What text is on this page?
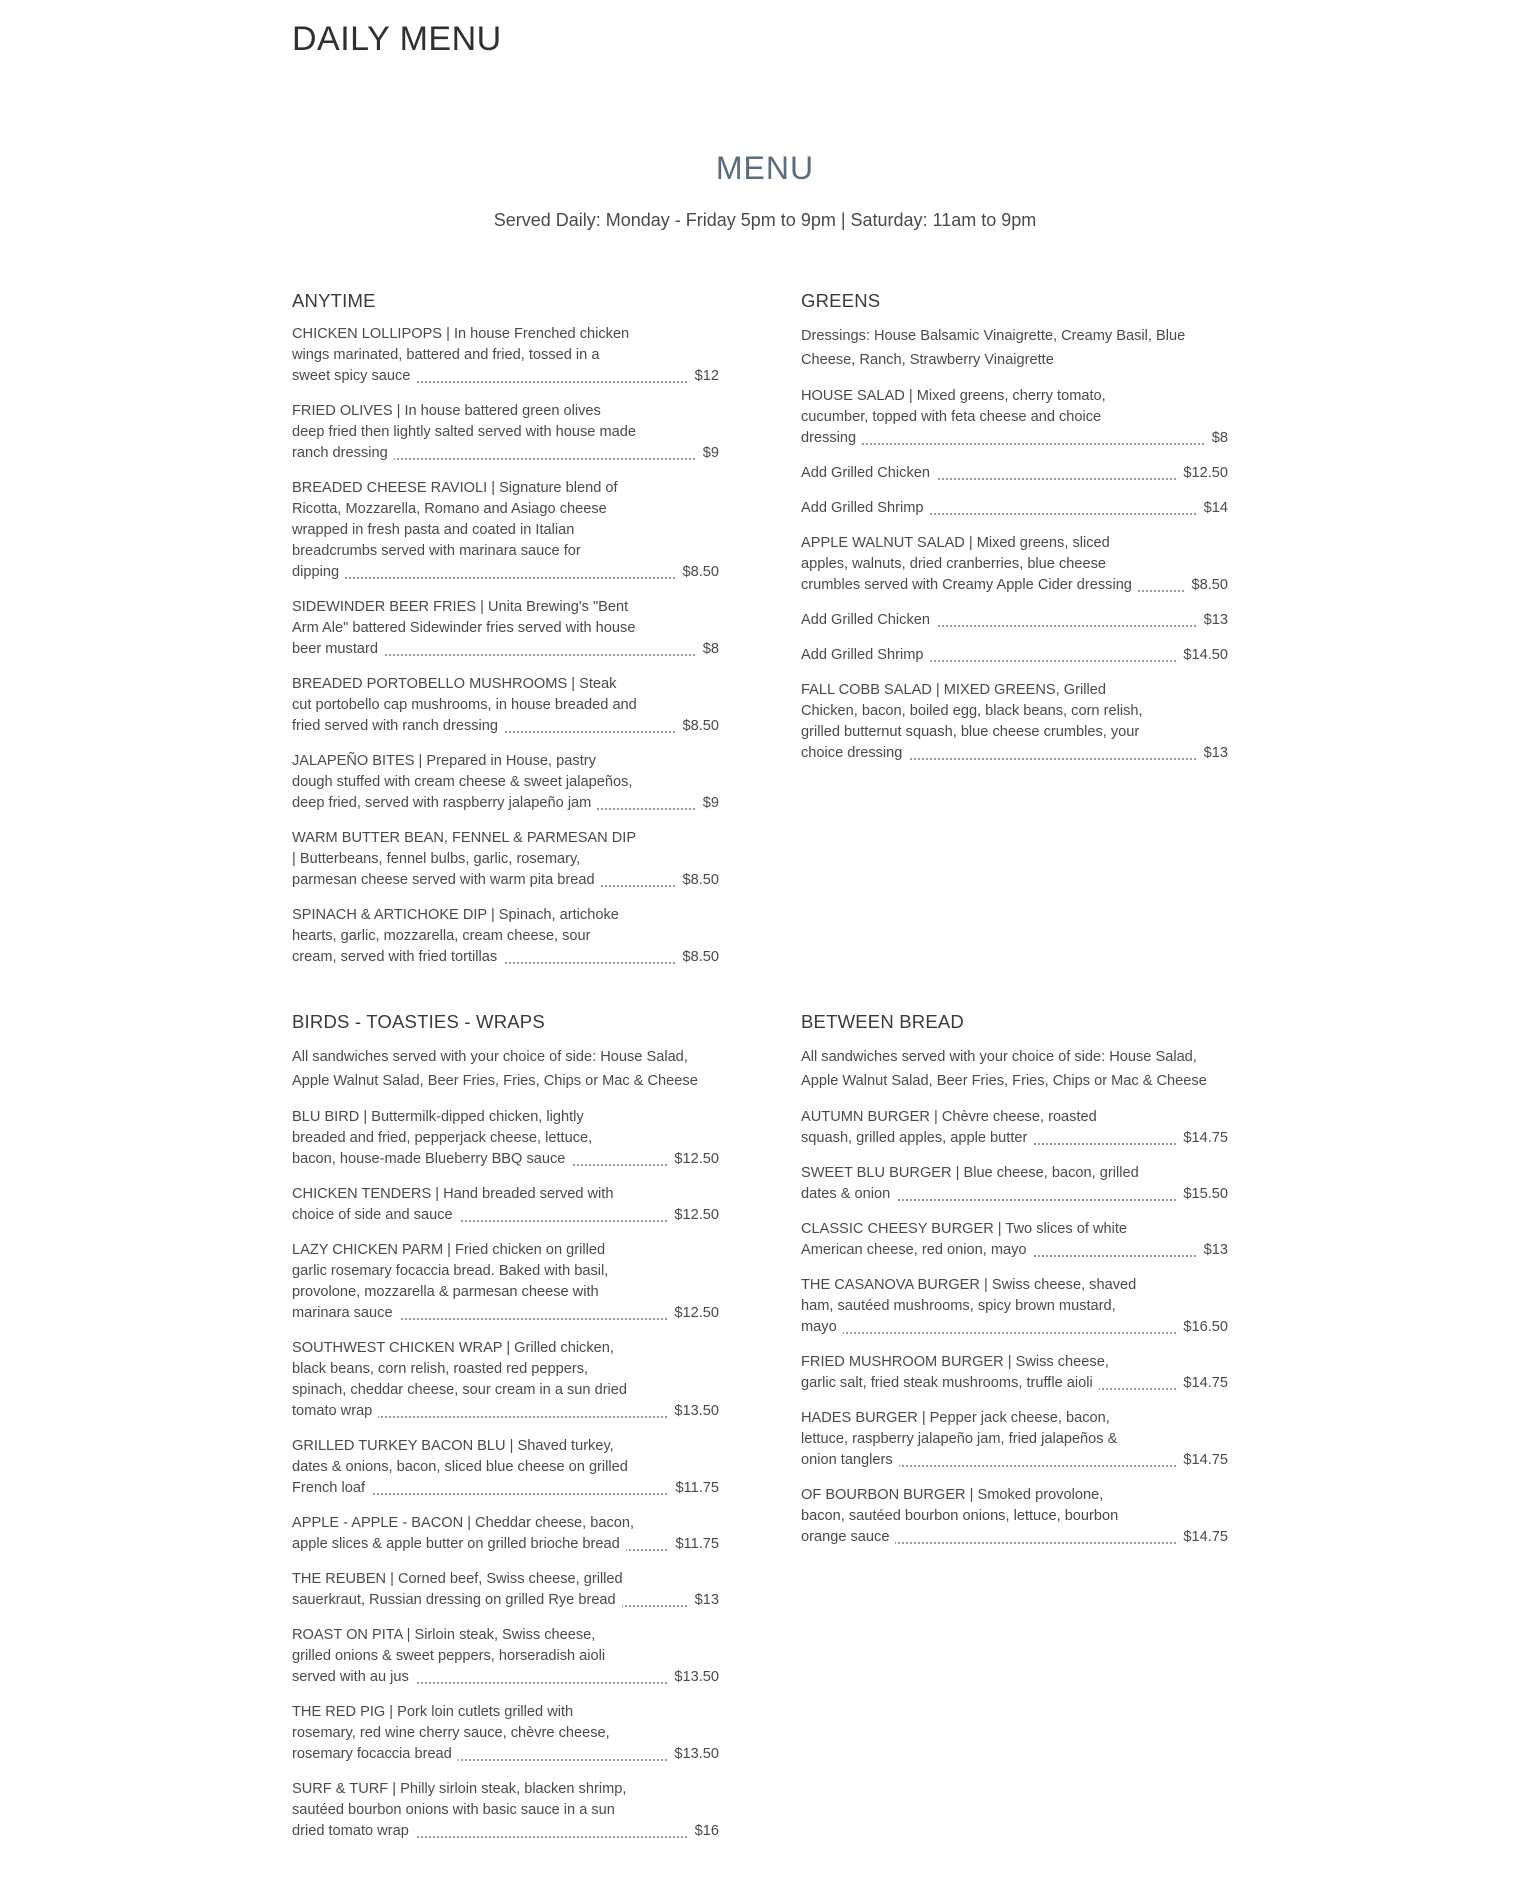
DAILY MENU
MENU
Served Daily: Monday - Friday 5pm to 9pm | Saturday: 11am to 9pm
ANYTIME
CHICKEN LOLLIPOPS | In house Frenched chicken wings marinated, battered and fried, tossed in a sweet spicy sauce	$12
FRIED OLIVES | In house battered green olives deep fried then lightly salted served with house made ranch dressing	$9
BREADED CHEESE RAVIOLI | Signature blend of Ricotta, Mozzarella, Romano and Asiago cheese wrapped in fresh pasta and coated in Italian breadcrumbs served with marinara sauce for dipping	$8.50
SIDEWINDER BEER FRIES | Unita Brewing's "Bent Arm Ale" battered Sidewinder fries served with house beer mustard	$8
BREADED PORTOBELLO MUSHROOMS | Steak cut portobello cap mushrooms, in house breaded and fried served with ranch dressing	$8.50
JALAPEÑO BITES | Prepared in House, pastry dough stuffed with cream cheese & sweet jalapeños, deep fried, served with raspberry jalapeño jam	$9
WARM BUTTER BEAN, FENNEL & PARMESAN DIP | Butterbeans, fennel bulbs, garlic, rosemary, parmesan cheese served with warm pita bread	$8.50
SPINACH & ARTICHOKE DIP | Spinach, artichoke hearts, garlic, mozzarella, cream cheese, sour cream, served with fried tortillas	$8.50
GREENS

Dressings: House Balsamic Vinaigrette, Creamy Basil, Blue Cheese, Ranch, Strawberry Vinaigrette

HOUSE SALAD | Mixed greens, cherry tomato, cucumber, topped with feta cheese and choice dressing	$8
Add Grilled Chicken	$12.50
Add Grilled Shrimp	$14
APPLE WALNUT SALAD | Mixed greens, sliced apples, walnuts, dried cranberries, blue cheese crumbles served with Creamy Apple Cider dressing	$8.50
Add Grilled Chicken	$13
Add Grilled Shrimp	$14.50
FALL COBB SALAD | MIXED GREENS, Grilled Chicken, bacon, boiled egg, black beans, corn relish, grilled butternut squash, blue cheese crumbles, your choice dressing	$13
BIRDS - TOASTIES - WRAPS

All sandwiches served with your choice of side: House Salad, Apple Walnut Salad, Beer Fries, Fries, Chips or Mac & Cheese

BLU BIRD | Buttermilk-dipped chicken, lightly breaded and fried, pepperjack cheese, lettuce, bacon, house-made Blueberry BBQ sauce	$12.50
CHICKEN TENDERS | Hand breaded served with choice of side and sauce	$12.50
LAZY CHICKEN PARM | Fried chicken on grilled garlic rosemary focaccia bread. Baked with basil, provolone, mozzarella & parmesan cheese with marinara sauce	$12.50
SOUTHWEST CHICKEN WRAP | Grilled chicken, black beans, corn relish, roasted red peppers, spinach, cheddar cheese, sour cream in a sun dried tomato wrap	$13.50
GRILLED TURKEY BACON BLU | Shaved turkey, dates & onions, bacon, sliced blue cheese on grilled French loaf	$11.75
APPLE - APPLE - BACON | Cheddar cheese, bacon, apple slices & apple butter on grilled brioche bread	$11.75
THE REUBEN | Corned beef, Swiss cheese, grilled sauerkraut, Russian dressing on grilled Rye bread	$13
ROAST ON PITA | Sirloin steak, Swiss cheese, grilled onions & sweet peppers, horseradish aioli served with au jus	$13.50
THE RED PIG | Pork loin cutlets grilled with rosemary, red wine cherry sauce, chèvre cheese, rosemary focaccia bread	$13.50
SURF & TURF | Philly sirloin steak, blacken shrimp, sautéed bourbon onions with basic sauce in a sun dried tomato wrap	$16
BETWEEN BREAD

All sandwiches served with your choice of side: House Salad, Apple Walnut Salad, Beer Fries, Fries, Chips or Mac & Cheese

AUTUMN BURGER | Chèvre cheese, roasted squash, grilled apples, apple butter	$14.75
SWEET BLU BURGER | Blue cheese, bacon, grilled dates & onion	$15.50
CLASSIC CHEESY BURGER | Two slices of white American cheese, red onion, mayo	$13
THE CASANOVA BURGER | Swiss cheese, shaved ham, sautéed mushrooms, spicy brown mustard, mayo	$16.50
FRIED MUSHROOM BURGER | Swiss cheese, garlic salt, fried steak mushrooms, truffle aioli	$14.75
HADES BURGER | Pepper jack cheese, bacon, lettuce, raspberry jalapeño jam, fried jalapeños & onion tanglers	$14.75
OF BOURBON BURGER | Smoked provolone, bacon, sautéed bourbon onions, lettuce, bourbon orange sauce	$14.75
